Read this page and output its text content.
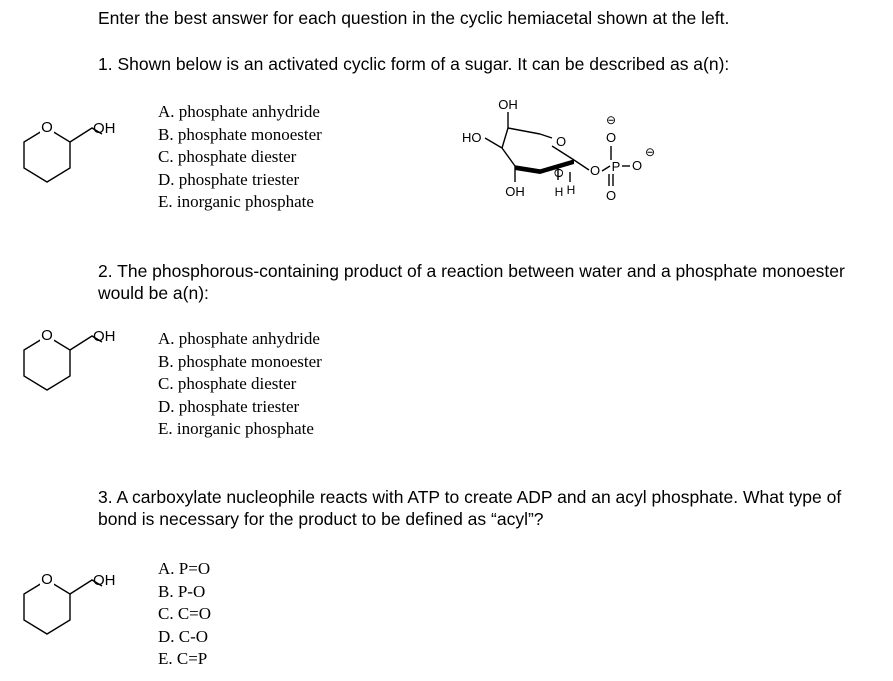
Enter the best answer for each question in the cyclic hemiacetal shown at the left.
1. Shown below is an activated cyclic form of a sugar. It can be described as a(n):
O	OH
A. phosphate anhydride
B. phosphate monoester
C. phosphate diester
D. phosphate triester
E. inorganic phosphate
OH
HO	O
OH
O
H H
O P
O
⊖
O
O
⊖
2. The phosphorous-containing product of a reaction between water and a phosphate monoester would be a(n):
O	OH	A. phosphate anhydride
B. phosphate monoester
C. phosphate diester
D. phosphate triester
E. inorganic phosphate
3. A carboxylate nucleophile reacts with ATP to create ADP and an acyl phosphate. What type of bond is necessary for the product to be defined as “acyl”?
O	OH
A. P=O
B. P-O
C. C=O
D. C-O
E. C=P
